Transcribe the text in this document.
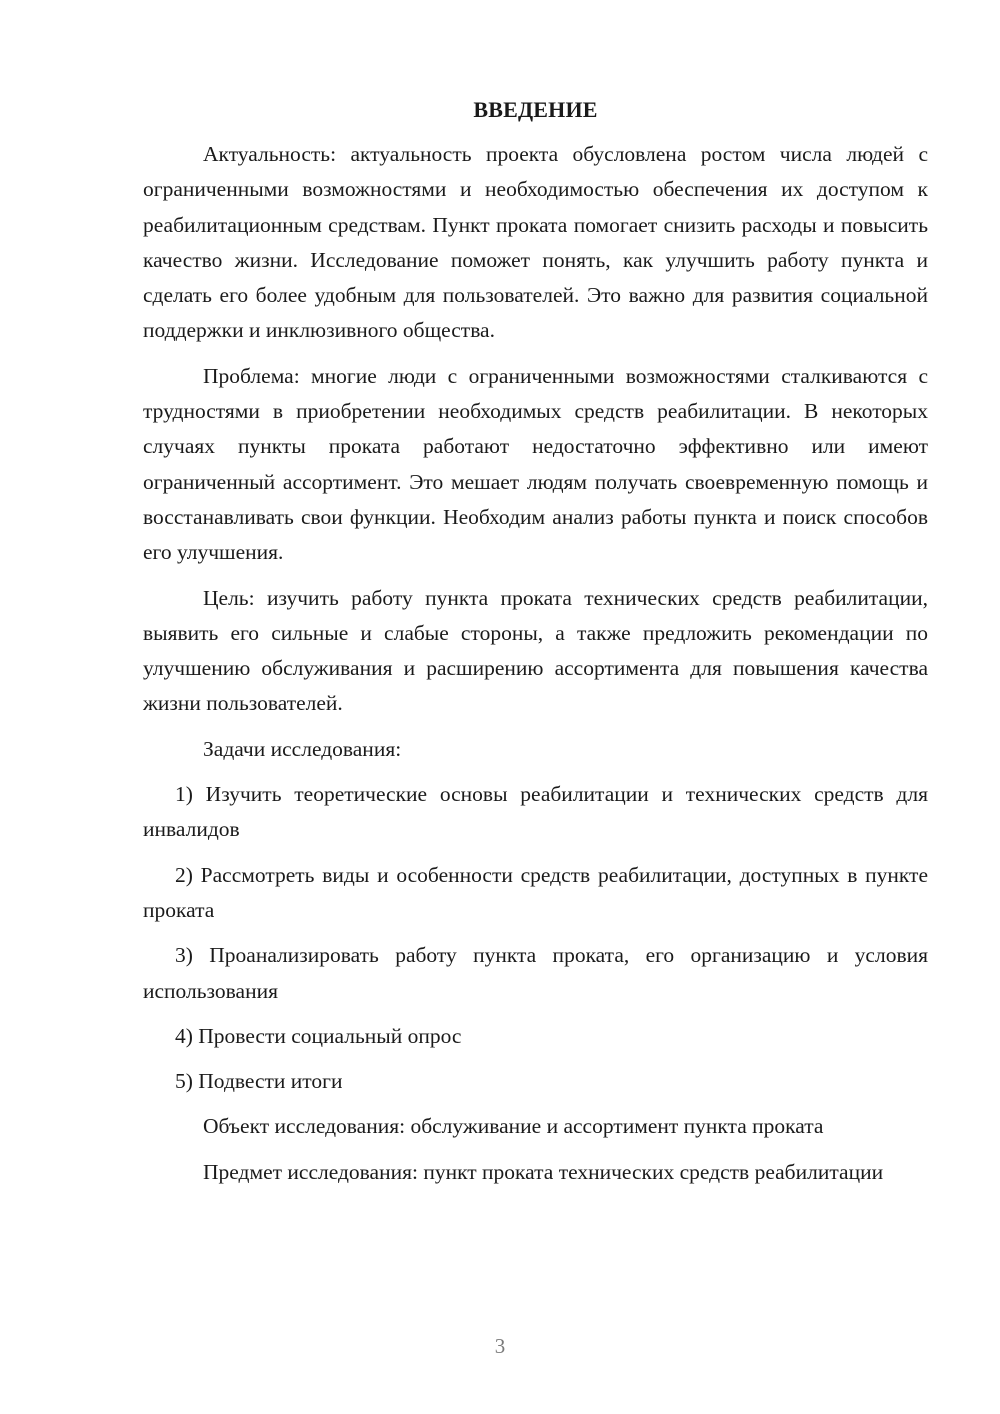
ВВЕДЕНИЕ

Актуальность: актуальность проекта обусловлена ростом числа людей с ограниченными возможностями и необходимостью обеспечения их доступом к реабилитационным средствам. Пункт проката помогает снизить расходы и повысить качество жизни. Исследование поможет понять, как улучшить работу пункта и сделать его более удобным для пользователей. Это важно для развития социальной поддержки и инклюзивного общества.

Проблема: многие люди с ограниченными возможностями сталкиваются с трудностями в приобретении необходимых средств реабилитации. В некоторых случаях пункты проката работают недостаточно эффективно или имеют ограниченный ассортимент. Это мешает людям получать своевременную помощь и восстанавливать свои функции. Необходим анализ работы пункта и поиск способов его улучшения.

Цель: изучить работу пункта проката технических средств реабилитации, выявить его сильные и слабые стороны, а также предложить рекомендации по улучшению обслуживания и расширению ассортимента для повышения качества жизни пользователей.

Задачи исследования:

1) Изучить теоретические основы реабилитации и технических средств для инвалидов

2) Рассмотреть виды и особенности средств реабилитации, доступных в пункте проката

3) Проанализировать работу пункта проката, его организацию и условия использования

4) Провести социальный опрос

5) Подвести итоги

Объект исследования: обслуживание и ассортимент пункта проката

Предмет исследования: пункт проката технических средств реабилитации

3
